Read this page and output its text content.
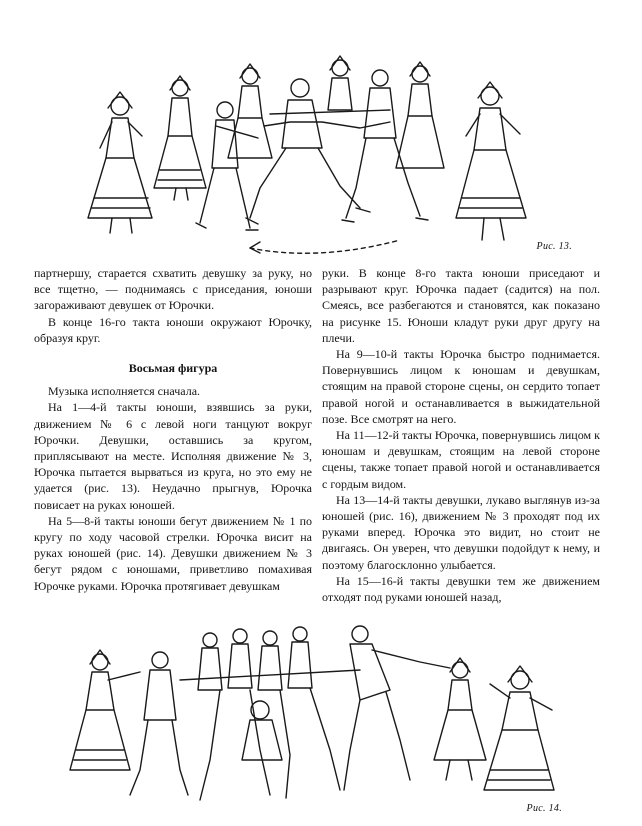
Рис. 13.

партнершу, старается схватить девушку за руку, но все тщетно, — поднимаясь с приседания, юноши загораживают девушек от Юрочки.

В конце 16-го такта юноши окружают Юрочку, образуя круг.

Восьмая фигура

Музыка исполняется сначала.

На 1—4-й такты юноши, взявшись за руки, движением № 6 с левой ноги танцуют вокруг Юрочки. Девушки, оставшись за кругом, приплясывают на месте. Исполняя движение № 3, Юрочка пытается вырваться из круга, но это ему не удается (рис. 13). Неудачно прыгнув, Юрочка повисает на руках юношей.

На 5—8-й такты юноши бегут движением № 1 по кругу по ходу часовой стрелки. Юрочка висит на руках юношей (рис. 14). Девушки движением № 3 бегут рядом с юношами, приветливо помахивая Юрочке руками. Юрочка протягивает девушкам

руки. В конце 8-го такта юноши приседают и разрывают круг. Юрочка падает (садится) на пол. Смеясь, все разбегаются и становятся, как показано на рисунке 15. Юноши кладут руки друг другу на плечи.

На 9—10-й такты Юрочка быстро поднимается. Повернувшись лицом к юношам и девушкам, стоящим на правой стороне сцены, он сердито топает правой ногой и останавливается в выжидательной позе. Все смотрят на него.

На 11—12-й такты Юрочка, повернувшись лицом к юношам и девушкам, стоящим на левой стороне сцены, также топает правой ногой и останавливается с гордым видом.

На 13—14-й такты девушки, лукаво выглянув из-за юношей (рис. 16), движением № 3 проходят под их руками вперед. Юрочка это видит, но стоит не двигаясь. Он уверен, что девушки подойдут к нему, и поэтому благосклонно улыбается.

На 15—16-й такты девушки тем же движением отходят под руками юношей назад,

Рис. 14.
